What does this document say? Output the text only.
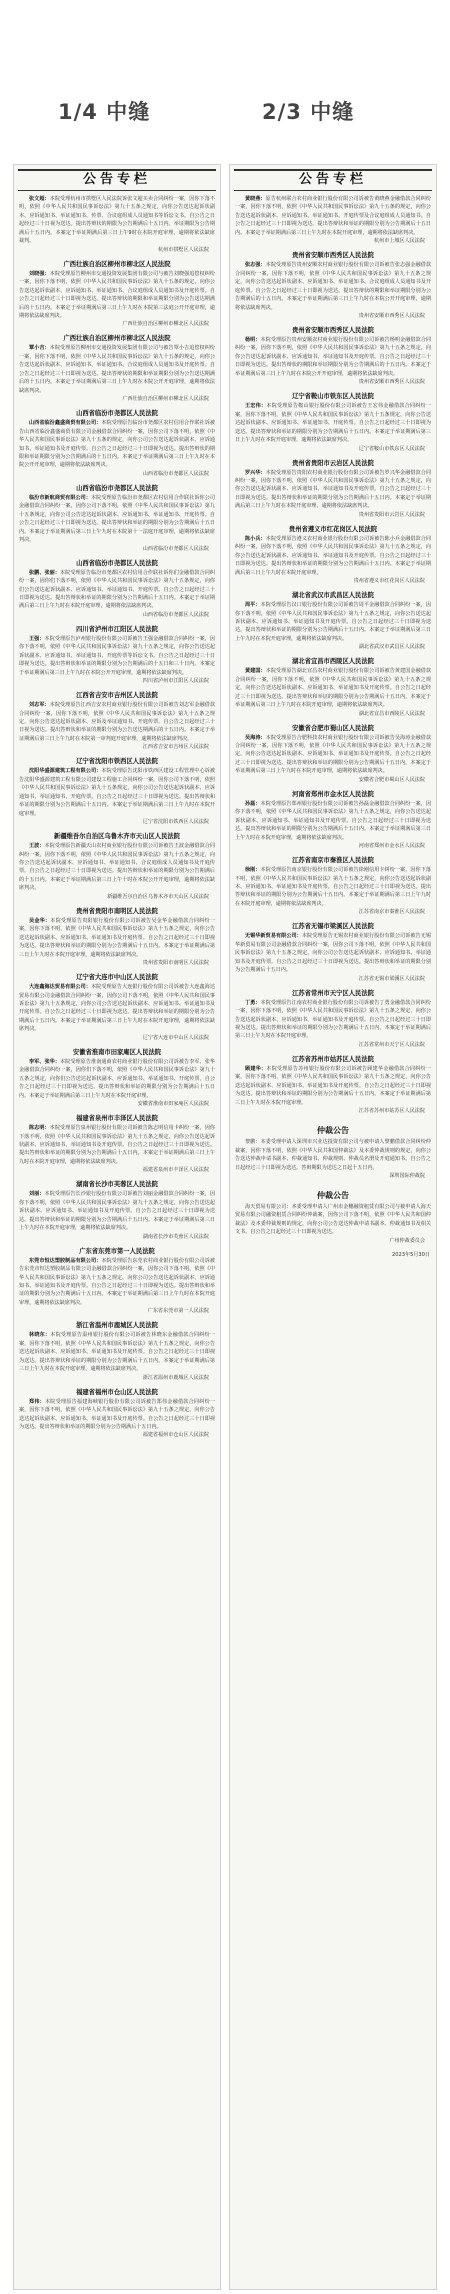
1/4 中缝	2/3 中缝
公告专栏
张文超：本院受理杭州市拱墅区人民法院诉张文超买卖合同纠纷一案，因你下落不明，依照《中华人民共和国民事诉讼法》第九十五条之规定，向你公告送达起诉状副本、应诉通知书、举证通知书、传票、合议庭组成人员通知书等诉讼文书。自公告之日起经过三十日视为送达。提出答辩状的期限为公告期满后十五日内，举证期限为公告期满后十五日内。本案定于举证期满后第三日上午9时在本院开庭审理，逾期将依法缺席裁判。
杭州市拱墅区人民法院
广西壮族自治区柳州市柳北区人民法院
刘晓强：本院受理原告柳州市交通投资发展集团有限公司与被告刘晓强追偿权纠纷一案，因你下落不明，依照《中华人民共和国民事诉讼法》第九十五条的规定，向你公告送达起诉状副本、应诉通知书、举证通知书、合议庭组成人员通知书及开庭传票。自公告之日起经过三十日即视为送达。提出答辩状的期限和举证期限分别为公告送达期满后的十五日内。本案定于举证期满后第三日上午九时在本院第三法庭公开开庭审理，逾期将依法缺席判决。
广西壮族自治区柳州市柳北区人民法院
广西壮族自治区柳州市柳北区人民法院
覃小吉：本院受理原告柳州市交通投资发展集团有限公司与被告覃小吉追偿权纠纷一案，因你下落不明，依照《中华人民共和国民事诉讼法》第九十五条的规定，向你公告送达起诉状副本、应诉通知书、举证通知书、合议庭组成人员通知书及开庭传票。自公告之日起经过三十日即视为送达。提出答辩状的期限和举证期限分别为公告送达期满后的十五日内。本案定于举证期满后第三日上午九时在本院公开开庭审理，逾期将依法缺席判决。
广西壮族自治区柳州市柳北区人民法院
山西省临汾市尧都区人民法院
山西省临汾鑫盛商贸有限公司：本院受理原告临汾市尧都区农村信用合作联社诉被告山西省临汾鑫盛商贸有限公司金融借款合同纠纷一案，因你公司下落不明，依照《中华人民共和国民事诉讼法》第九十五条的规定，向你公司公告送达起诉状副本、应诉通知书、举证通知书及开庭传票。自公告之日起经过三十日即视为送达。提出答辩状的期限和举证期限分别为公告期满后的十五日内。本案定于举证期满后第三日上午九时在本院公开开庭审理，逾期将依法缺席判决。
山西省临汾市尧都区人民法院
山西省临汾市尧都区人民法院
临汾市新航商贸有限公司：本院受理原告临汾市尧都区农村信用合作联社诉你公司金融借款合同纠纷一案，因你公司下落不明，依照《中华人民共和国民事诉讼法》第九十五条规定，向你公司公告送达起诉状副本、应诉通知书、举证通知书、开庭传票。自公告之日起经过三十日即视为送达。提出答辩状和举证的期限分别为公告期满后十五日内。本案定于举证期满后第三日上午九时在本院第十一法庭开庭审理，逾期将依法缺席判决。
山西省临汾市尧都区人民法院
山西省临汾市尧都区人民法院
张鹏、张丽：本院受理原告临汾市尧都区农村信用合作联社诉你们金融借款合同纠纷一案，因你们下落不明，依照《中华人民共和国民事诉讼法》第九十五条规定，向你们公告送达起诉状副本、应诉通知书、举证通知书、开庭传票。自公告之日起经过三十日即视为送达。提出答辩状和举证的期限分别为公告期满后十五日内。本案定于举证期满后第三日上午九时在本院开庭审理，逾期将依法缺席判决。
山西省临汾市尧都区人民法院
四川省泸州市江阳区人民法院
王强：本院受理原告泸州银行股份有限公司诉被告王强金融借款合同纠纷一案，因你下落不明，依照《中华人民共和国民事诉讼法》第九十五条之规定，向你公告送达起诉状副本、应诉通知书、举证通知书、开庭传票等诉讼文书。自公告之日起经过三十日即视为送达。提出答辩状和举证的期限分别为公告期满后的十五日和三十日内。本案定于举证期满后第三日上午九时在本院公开开庭审理，逾期将依法缺席判决。
四川省泸州市江阳区人民法院
江西省吉安市吉州区人民法院
刘志军：本院受理原告江西吉安农村商业银行股份有限公司诉被告刘志军金融借款合同纠纷一案，因你下落不明，依照《中华人民共和国民事诉讼法》第九十五条之规定，向你公告送达起诉状副本、应诉及举证通知书、开庭传票。自公告之日起经过三十日视为送达。提出答辩状和举证的期限分别为公告送达期满后的十五日内。本案定于举证期满后第三日上午九时在本院第一审判庭开庭审理，逾期将依法缺席判决。
江西省吉安市吉州区人民法院
辽宁省沈阳市铁西区人民法院
沈阳华盛源建筑工程有限公司：本院受理原告沈阳市铁西区建设工程管理中心诉被告沈阳华盛源建筑工程有限公司建设工程施工合同纠纷一案，因你公司下落不明，依照《中华人民共和国民事诉讼法》第九十五条规定，向你公司公告送达起诉状副本、应诉通知书、举证通知书、开庭传票。自公告之日起经过三十日即视为送达。提出答辩状和举证的期限分别为公告期满后十五日内。本案定于举证期满后第三日上午九时在本院开庭审理。
辽宁省沈阳市铁西区人民法院
新疆维吾尔自治区乌鲁木齐市天山区人民法院
王波：本院受理原告新疆天山农村商业银行股份有限公司诉被告王波金融借款合同纠纷一案，因你下落不明，依照《中华人民共和国民事诉讼法》第九十五条之规定，向你公告送达起诉状副本、应诉通知书、举证通知书、合议庭组成人员通知书及开庭传票。自公告之日起经过三十日即视为送达。提出答辩状和举证的期限分别为公告期满后的十五日内。本案定于举证期满后第三日上午十时在本院公开开庭审理，逾期将依法缺席判决。
新疆维吾尔自治区乌鲁木齐市天山区人民法院
贵州省贵阳市南明区人民法院
吴金华：本院受理原告贵阳银行股份有限公司诉被告吴金华金融借款合同纠纷一案，因你下落不明，依照《中华人民共和国民事诉讼法》第九十五条之规定，向你公告送达起诉状副本、应诉通知书、举证通知书及开庭传票。自公告之日起经过三十日即视为送达。提出答辩状和举证的期限分别为公告期满后十五日内。本案定于举证期满后第三日上午九时在本院开庭审理，逾期将依法缺席判决。
贵州省贵阳市南明区人民法院
辽宁省大连市中山区人民法院
大连鑫海达贸易有限公司：本院受理原告大连银行股份有限公司诉被告大连鑫海达贸易有限公司金融借款合同纠纷一案，因你公司下落不明，依照《中华人民共和国民事诉讼法》第九十五条规定，向你公司公告送达起诉状副本、应诉通知书、举证通知书及开庭传票。自公告之日起经过三十日即视为送达。提出答辩状和举证的期限分别为公告期满后十五日内。本案定于举证期满后第三日上午九时在本院开庭审理，逾期将依法缺席判决。
辽宁省大连市中山区人民法院
安徽省淮南市田家庵区人民法院
李军、张华：本院受理原告淮南通商农村商业银行股份有限公司诉被告李军、张华金融借款合同纠纷一案，因你们下落不明，依照《中华人民共和国民事诉讼法》第九十五条之规定，向你们公告送达起诉状副本、应诉通知书、举证通知书、开庭传票。自公告之日起经过三十日即视为送达。提出答辩状和举证的期限分别为公告期满后十五日内。本案定于举证期满后第三日上午九时在本院开庭审理。
安徽省淮南市田家庵区人民法院
福建省泉州市丰泽区人民法院
陈志明：本院受理原告泉州银行股份有限公司诉被告陈志明信用卡纠纷一案，因你下落不明，依照《中华人民共和国民事诉讼法》第九十五条之规定，向你公告送达起诉状副本、应诉通知书、举证通知书及开庭传票。自公告之日起经过三十日即视为送达。提出答辩状和举证的期限分别为公告期满后十五日内。本案定于举证期满后第三日上午九时在本院开庭审理，逾期将依法缺席判决。
福建省泉州市丰泽区人民法院
湖南省长沙市芙蓉区人民法院
刘丽：本院受理原告长沙银行股份有限公司诉被告刘丽金融借款合同纠纷一案，因你下落不明，依照《中华人民共和国民事诉讼法》第九十五条之规定，向你公告送达起诉状副本、应诉通知书、举证通知书及开庭传票。自公告之日起经过三十日即视为送达。提出答辩状和举证的期限分别为公告期满后十五日内。本案定于举证期满后第三日上午九时在本院开庭审理，逾期将依法缺席判决。
湖南省长沙市芙蓉区人民法院
广东省东莞市第一人民法院
东莞市恒达塑胶制品有限公司：本院受理原告东莞农村商业银行股份有限公司诉被告东莞市恒达塑胶制品有限公司金融借款合同纠纷一案，因你公司下落不明，依照《中华人民共和国民事诉讼法》第九十五条之规定，向你公司公告送达起诉状副本、应诉通知书、举证通知书及开庭传票。自公告之日起经过三十日即视为送达。提出答辩状和举证的期限分别为公告期满后十五日内。本案定于举证期满后第三日上午九时在本院开庭审理，逾期将依法缺席判决。
广东省东莞市第一人民法院
浙江省温州市鹿城区人民法院
林晓东：本院受理原告温州银行股份有限公司诉被告林晓东金融借款合同纠纷一案，因你下落不明，依照《中华人民共和国民事诉讼法》第九十五条之规定，向你公告送达起诉状副本、应诉通知书、举证通知书及开庭传票。自公告之日起经过三十日即视为送达。提出答辩状和举证的期限分别为公告期满后十五日内。本案定于举证期满后第三日上午九时在本院开庭审理，逾期将依法缺席判决。
浙江省温州市鹿城区人民法院
福建省福州市仓山区人民法院
郑伟：本院受理原告福建海峡银行股份有限公司诉被告郑伟金融借款合同纠纷一案，因你下落不明，依照《中华人民共和国民事诉讼法》第九十五条之规定，向你公告送达起诉状副本、应诉通知书、举证通知书及开庭传票。自公告之日起经过三十日即视为送达。提出答辩状和举证的期限分别为公告期满后十五日内。
福建省福州市仓山区人民法院
公告专栏
黄晓燕：原告杭州联合农村商业银行股份有限公司诉被告黄晓燕金融借款合同纠纷一案，因你下落不明，依照《中华人民共和国民事诉讼法》第九十五条的规定，向你公告送达起诉状副本、应诉通知书、举证通知书、开庭传票及合议庭组成人员通知书。自公告之日起经过三十日即视为送达。提出答辩状和举证的期限分别为公告期满后十五日内。本案定于举证期满后第三日上午九时在本院开庭审理，逾期将依法缺席判决。
杭州市上城区人民法院
贵州省安顺市西秀区人民法院
张志强：本院受理原告贵州安顺农村商业银行股份有限公司诉被告张志强金融借款合同纠纷一案，因你下落不明，依照《中华人民共和国民事诉讼法》第九十五条之规定，向你公告送达起诉状副本、应诉通知书、举证通知书、合议庭组成人员通知书及开庭传票。自公告之日起经过三十日即视为送达。提出答辩状的期限和举证期限分别为公告期满后的十五日内。本案定于举证期满后第三日上午九时在本院公开开庭审理，逾期将依法缺席判决。
贵州省安顺市西秀区人民法院
贵州省安顺市西秀区人民法院
杨明：本院受理原告贵州安顺农村商业银行股份有限公司诉被告杨明金融借款合同纠纷一案，因你下落不明，依照《中华人民共和国民事诉讼法》第九十五条之规定，向你公告送达起诉状副本、应诉通知书、举证通知书及开庭传票。自公告之日起经过三十日即视为送达。提出答辩状的期限和举证期限分别为公告期满后的十五日内。本案定于举证期满后第三日上午九时在本院公开开庭审理，逾期将依法缺席判决。
贵州省安顺市西秀区人民法院
辽宁省鞍山市铁东区人民法院
王宏伟：本院受理原告鞍山银行股份有限公司诉被告王宏伟金融借款合同纠纷一案，因你下落不明，依照《中华人民共和国民事诉讼法》第九十五条规定，向你公告送达起诉状副本、应诉通知书、举证通知书、开庭传票。自公告之日起经过三十日即视为送达。提出答辩状和举证的期限分别为公告期满后十五日内。本案定于举证期满后第三日上午九时在本院开庭审理，逾期将依法缺席判决。
辽宁省鞍山市铁东区人民法院
贵州省贵阳市云岩区人民法院
罗兴华：本院受理原告贵阳农村商业银行股份有限公司诉被告罗兴华金融借款合同纠纷一案，因你下落不明，依照《中华人民共和国民事诉讼法》第九十五条之规定，向你公告送达起诉状副本、应诉通知书、举证通知书及开庭传票。自公告之日起经过三十日即视为送达。提出答辩状和举证的期限分别为公告期满后十五日内。本案定于举证期满后第三日上午九时在本院开庭审理，逾期将依法缺席判决。
贵州省贵阳市云岩区人民法院
贵州省遵义市红花岗区人民法院
陈小兵：本院受理原告遵义农村商业银行股份有限公司诉被告陈小兵金融借款合同纠纷一案，因你下落不明，依照《中华人民共和国民事诉讼法》第九十五条之规定，向你公告送达起诉状副本、应诉通知书、举证通知书及开庭传票。自公告之日起经过三十日即视为送达。提出答辩状和举证的期限分别为公告期满后十五日内。本案定于举证期满后第三日上午九时在本院开庭审理。
贵州省遵义市红花岗区人民法院
湖北省武汉市武昌区人民法院
周平：本院受理原告汉口银行股份有限公司诉被告周平金融借款合同纠纷一案，因你下落不明，依照《中华人民共和国民事诉讼法》第九十五条之规定，向你公告送达起诉状副本、应诉通知书、举证通知书及开庭传票。自公告之日起经过三十日即视为送达。提出答辩状和举证的期限分别为公告期满后十五日内。本案定于举证期满后第三日上午九时在本院开庭审理，逾期将依法缺席判决。
湖北省武汉市武昌区人民法院
湖北省宜昌市西陵区人民法院
黄建国：本院受理原告湖北宜昌农村商业银行股份有限公司诉被告黄建国金融借款合同纠纷一案，因你下落不明，依照《中华人民共和国民事诉讼法》第九十五条之规定，向你公告送达起诉状副本、应诉通知书、举证通知书及开庭传票。自公告之日起经过三十日即视为送达。提出答辩状和举证的期限分别为公告期满后十五日内。本案定于举证期满后第三日上午九时在本院开庭审理，逾期将依法缺席判决。
湖北省宜昌市西陵区人民法院
安徽省合肥市蜀山区人民法院
吴海涛：本院受理原告合肥科技农村商业银行股份有限公司诉被告吴海涛金融借款合同纠纷一案，因你下落不明，依照《中华人民共和国民事诉讼法》第九十五条之规定，向你公告送达起诉状副本、应诉通知书、举证通知书及开庭传票。自公告之日起经过三十日即视为送达。提出答辩状和举证的期限分别为公告期满后十五日内。本案定于举证期满后第三日上午九时在本院开庭审理，逾期将依法缺席判决。
安徽省合肥市蜀山区人民法院
河南省郑州市金水区人民法院
孙磊：本院受理原告郑州银行股份有限公司诉被告孙磊金融借款合同纠纷一案，因你下落不明，依照《中华人民共和国民事诉讼法》第九十五条之规定，向你公告送达起诉状副本、应诉通知书、举证通知书及开庭传票。自公告之日起经过三十日即视为送达。提出答辩状和举证的期限分别为公告期满后十五日内。本案定于举证期满后第三日上午九时在本院开庭审理，逾期将依法缺席判决。
河南省郑州市金水区人民法院
江苏省南京市秦淮区人民法院
徐刚：本院受理原告南京银行股份有限公司诉被告徐刚信用卡纠纷一案，因你下落不明，依照《中华人民共和国民事诉讼法》第九十五条之规定，向你公告送达起诉状副本、应诉通知书、举证通知书及开庭传票。自公告之日起经过三十日即视为送达。提出答辩状和举证的期限分别为公告期满后十五日内。本案定于举证期满后第三日上午九时在本院开庭审理，逾期将依法缺席判决。
江苏省南京市秦淮区人民法院
江苏省无锡市梁溪区人民法院
无锡华新贸易有限公司：本院受理原告无锡农村商业银行股份有限公司诉被告无锡华新贸易有限公司金融借款合同纠纷一案，因你公司下落不明，依照《中华人民共和国民事诉讼法》第九十五条之规定，向你公司公告送达起诉状副本、应诉通知书、举证通知书及开庭传票。自公告之日起经过三十日即视为送达。提出答辩状和举证的期限分别为公告期满后十五日内。
江苏省无锡市梁溪区人民法院
江苏省常州市天宁区人民法院
丁勇：本院受理原告江南农村商业银行股份有限公司诉被告丁勇金融借款合同纠纷一案，因你下落不明，依照《中华人民共和国民事诉讼法》第九十五条之规定，向你公告送达起诉状副本、应诉通知书、举证通知书及开庭传票。自公告之日起经过三十日即视为送达。提出答辩状和举证的期限分别为公告期满后十五日内。本案定于举证期满后第三日上午九时在本院开庭审理。
江苏省常州市天宁区人民法院
江苏省苏州市姑苏区人民法院
顾建华：本院受理原告苏州银行股份有限公司诉被告顾建华金融借款合同纠纷一案，因你下落不明，依照《中华人民共和国民事诉讼法》第九十五条之规定，向你公告送达起诉状副本、应诉通知书、举证通知书及开庭传票。自公告之日起经过三十日即视为送达。提出答辩状和举证的期限分别为公告期满后十五日内。本案定于举证期满后第三日上午九时在本院开庭审理。
江苏省苏州市姑苏区人民法院
仲裁公告
黎鹏：本委受理申请人深圳市兴业达投资有限公司与被申请人黎鹏借款合同纠纷仲裁案，因你下落不明，依照《中华人民共和国仲裁法》及本委仲裁规则的规定，向你公告送达仲裁申请书副本、仲裁通知书、仲裁规则、仲裁员名册及开庭通知书。自公告之日起经过三十日即视为送达。答辩期限为送达之日起十五日内。
深圳国际仲裁院
仲裁公告
海天贸易有限公司：本委受理申请人广州市金穗融资租赁有限公司与被申请人海天贸易有限公司融资租赁合同纠纷仲裁案，因你公司下落不明，依照《中华人民共和国仲裁法》及本委仲裁规则的规定，向你公司公告送达仲裁申请书副本、仲裁通知书及相关文书。自公告之日起经过三十日即视为送达。
广州仲裁委员会
2023年5月30日
